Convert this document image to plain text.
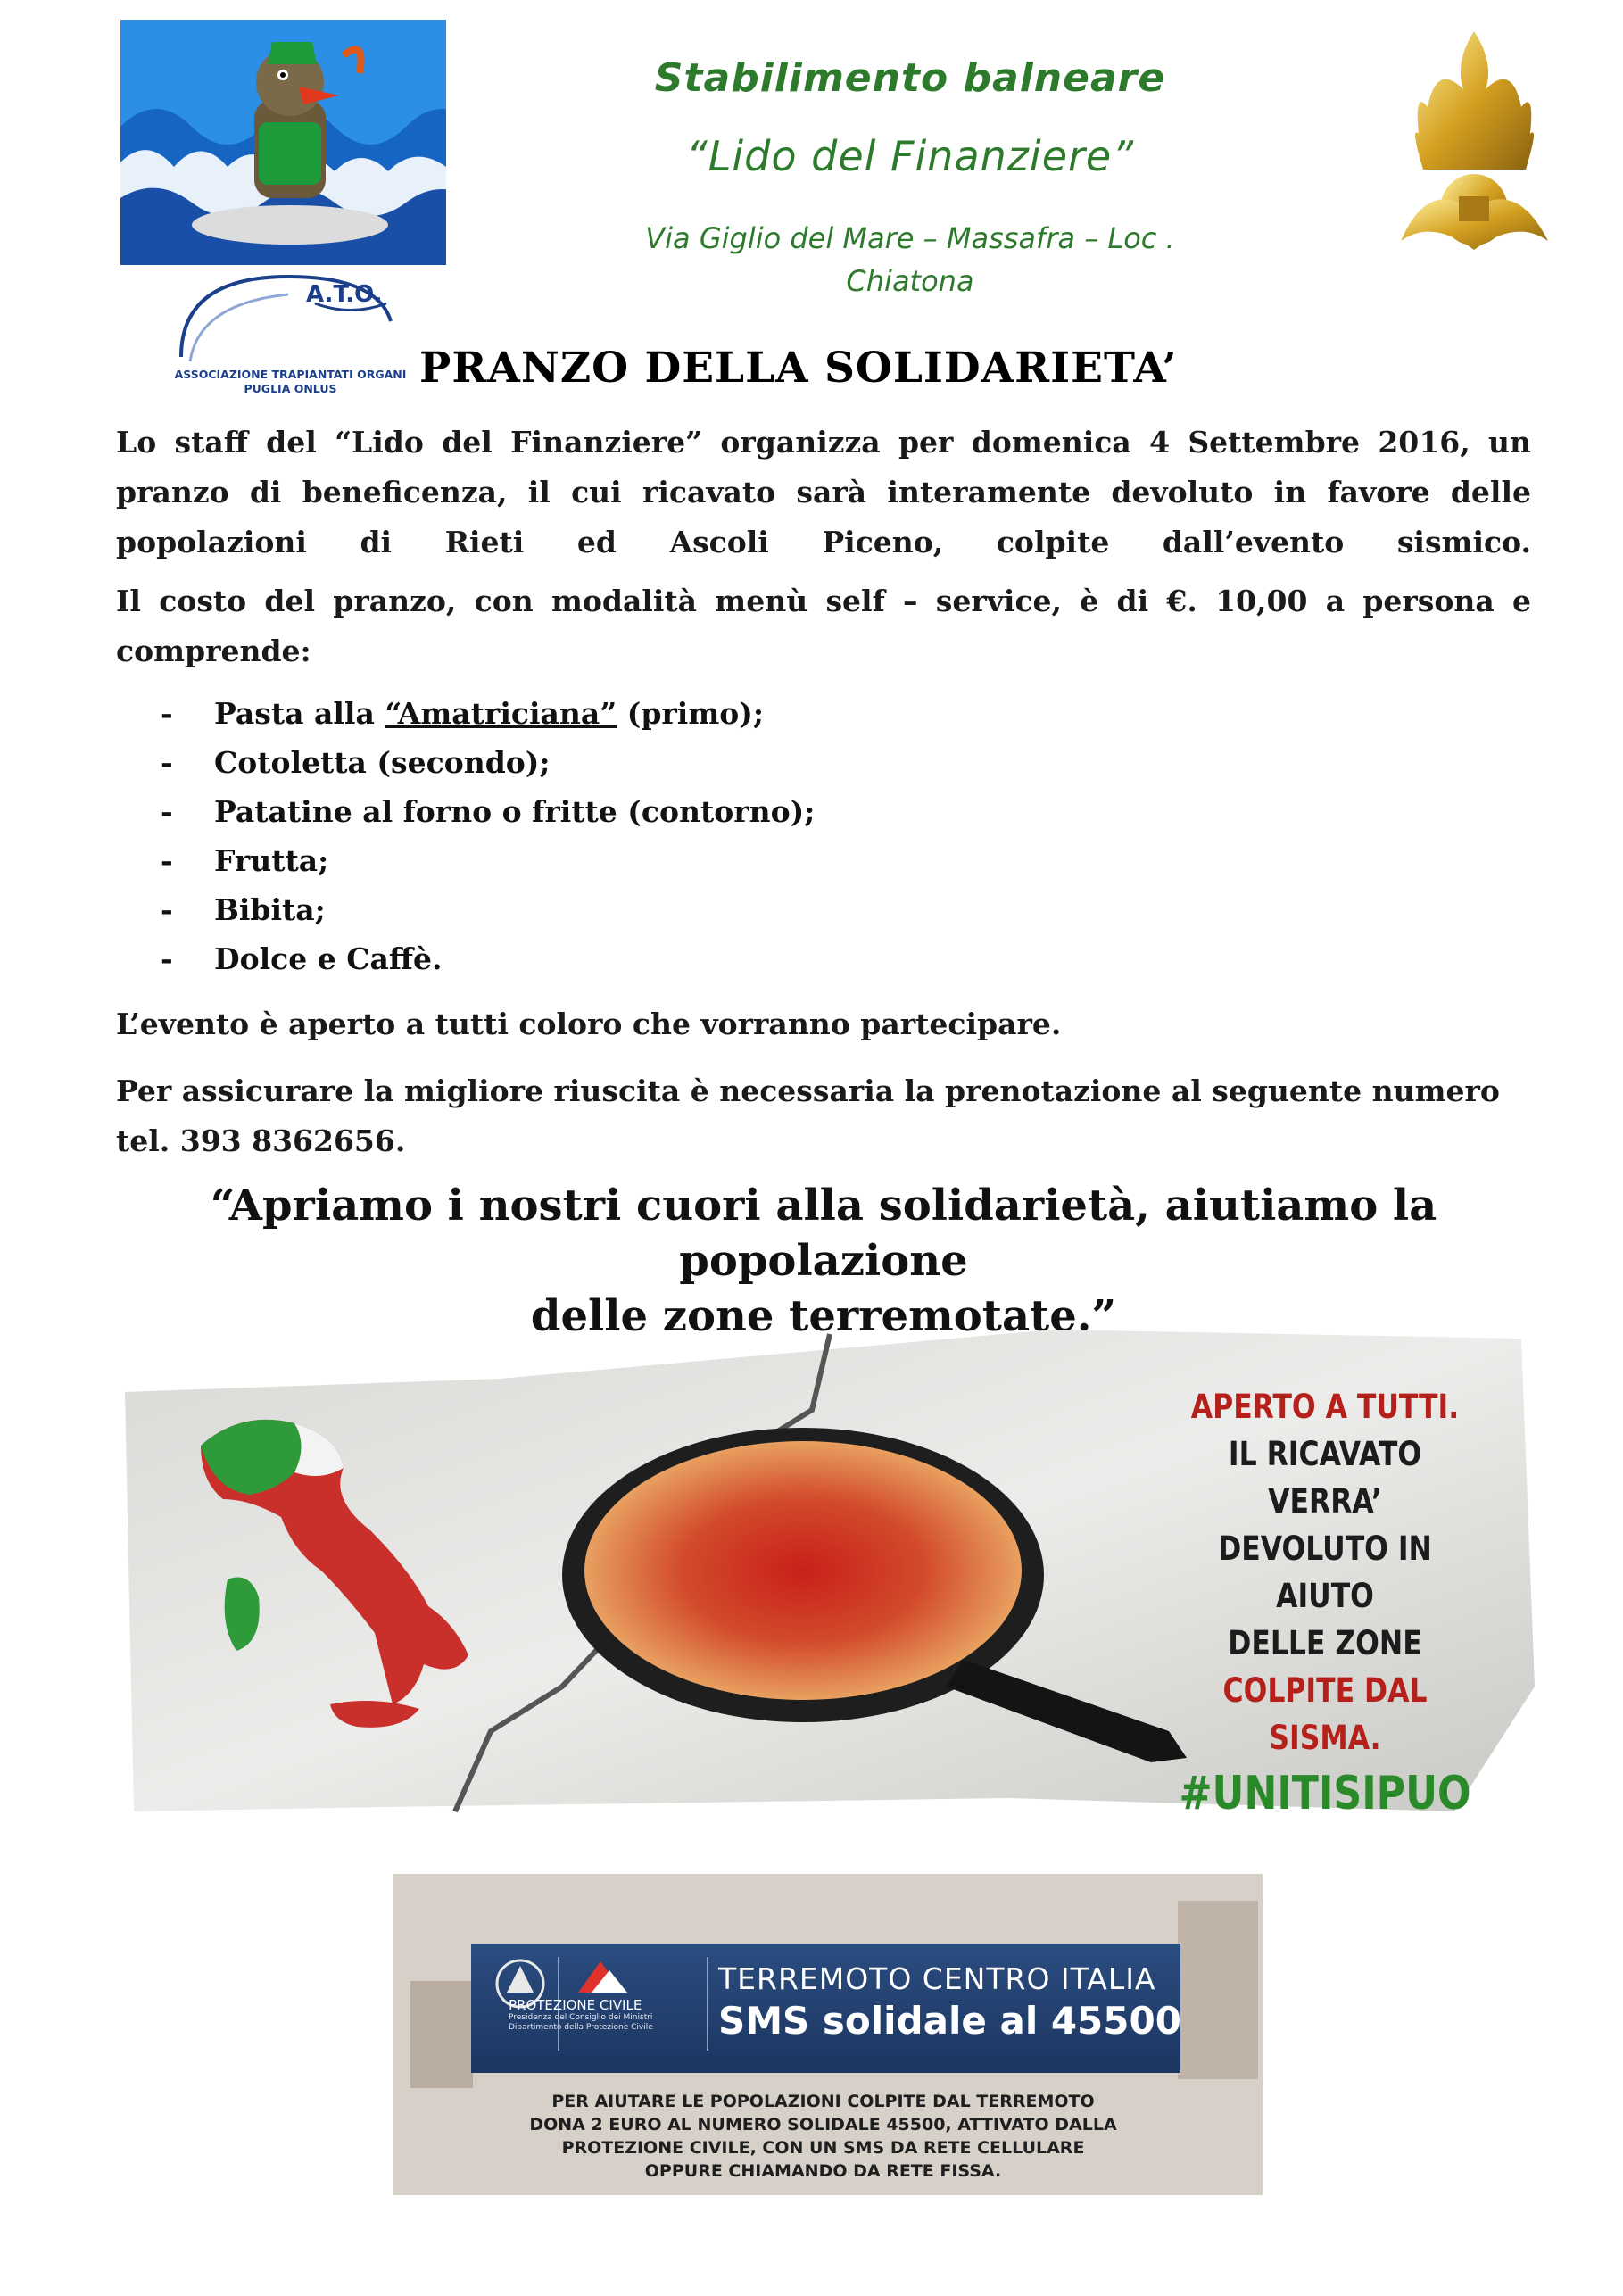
Stabilimento balneare
“Lido del Finanziere”
Via Giglio del Mare – Massafra – Loc .
Chiatona
A.T.O.
ASSOCIAZIONE TRAPIANTATI ORGANI
PUGLIA ONLUS	PRANZO DELLA SOLIDARIETA’
Lo staff del “Lido del Finanziere” organizza per domenica 4 Settembre 2016, un pranzo di beneficenza, il cui ricavato sarà interamente devoluto in favore delle popolazioni di Rieti ed Ascoli Piceno, colpite dall’evento sismico.
Il costo del pranzo, con modalità menù self – service, è di €. 10,00 a persona e comprende:
-	Pasta alla “Amatriciana” (primo);
-	Cotoletta (secondo);
-	Patatine al forno o fritte (contorno);
-	Frutta;
-	Bibita;
-	Dolce e Caffè.
L’evento è aperto a tutti coloro che vorranno partecipare.
Per assicurare la migliore riuscita è necessaria la prenotazione al seguente numero tel. 393 8362656.
“Apriamo i nostri cuori alla solidarietà, aiutiamo la popolazione
delle zone terremotate.”
APERTO A TUTTI.
IL RICAVATO VERRA’
DEVOLUTO IN AIUTO
DELLE ZONE
COLPITE DAL SISMA.
#UNITISIPUO
PROTEZIONE CIVILE
Presidenza del Consiglio dei Ministri Dipartimento della Protezione Civile
TERREMOTO CENTRO ITALIA
SMS solidale al 45500
PER AIUTARE LE POPOLAZIONI COLPITE DAL TERREMOTO
DONA 2 EURO AL NUMERO SOLIDALE 45500, ATTIVATO DALLA
PROTEZIONE CIVILE, CON UN SMS DA RETE CELLULARE
OPPURE CHIAMANDO DA RETE FISSA.
